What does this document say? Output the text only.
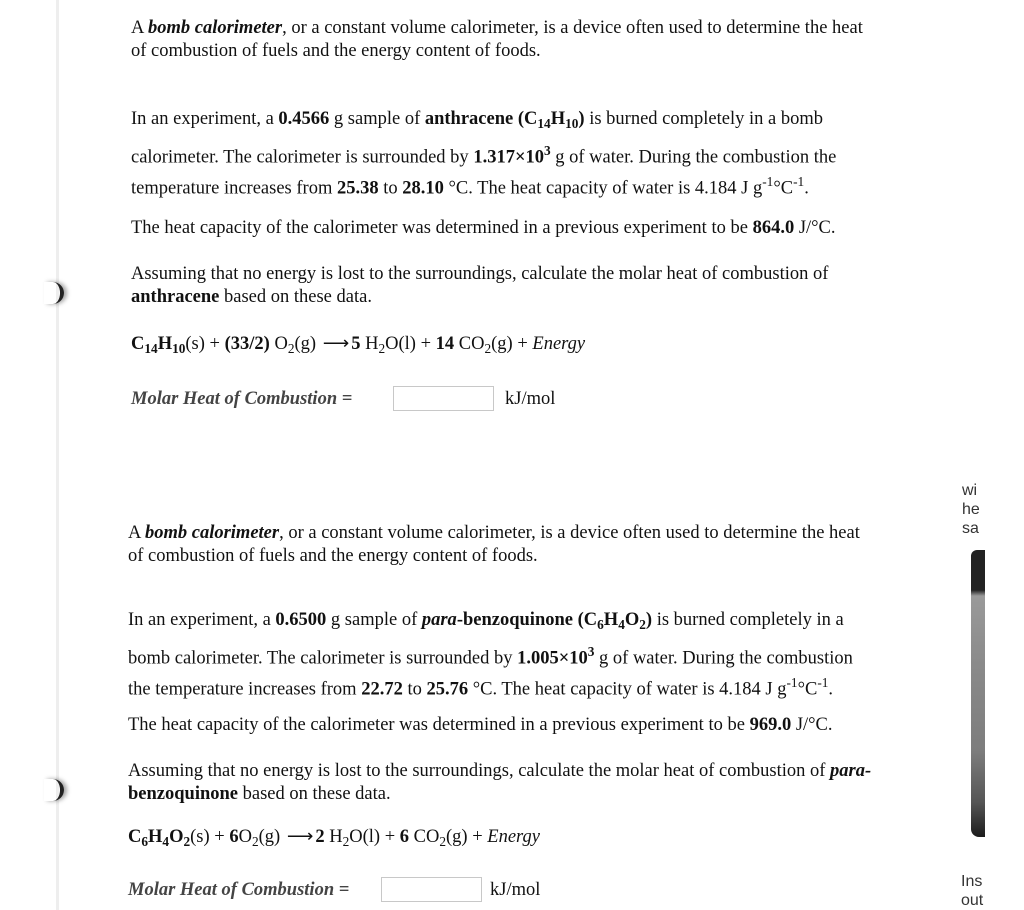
A bomb calorimeter, or a constant volume calorimeter, is a device often used to determine the heat
of combustion of fuels and the energy content of foods.
In an experiment, a 0.4566 g sample of anthracene $(C_{14}H_{10})$ is burned completely in a bomb
calorimeter. The calorimeter is surrounded by $1.317\times 10^3$ g of water. During the combustion the
temperature increases from 25.38 to 28.10 °C. The heat capacity of water is 4.184 J $g^{-1}^\circ C^{-1}$.
The heat capacity of the calorimeter was determined in a previous experiment to be 864.0 J/°C.
Assuming that no energy is lost to the surroundings, calculate the molar heat of combustion of
anthracene based on these data.
$C_{14}H_{10}(s) + (33/2)$ $O_2(g)$ ⟶ 5 $H_2O(l) + 14$ $CO_2(g)$ + Energy
Molar Heat of Combustion =	kJ/mol
A bomb calorimeter, or a constant volume calorimeter, is a device often used to determine the heat
of combustion of fuels and the energy content of foods.
In an experiment, a 0.6500 g sample of para-benzoquinone $(C_6H_4O_2)$ is burned completely in a
bomb calorimeter. The calorimeter is surrounded by $1.005\times 10^3$ g of water. During the combustion
the temperature increases from 22.72 to 25.76 °C. The heat capacity of water is 4.184 J $g^{-1}^\circ C^{-1}$.
The heat capacity of the calorimeter was determined in a previous experiment to be 969.0 J/°C.
Assuming that no energy is lost to the surroundings, calculate the molar heat of combustion of para-
benzoquinone based on these data.
$C_6H_4O_2(s) + 6O_2(g)$ ⟶ 2 $H_2O(l) + 6$ $CO_2(g)$ + Energy
Molar Heat of Combustion =	kJ/mol
wi
he
sa
Ins
out
